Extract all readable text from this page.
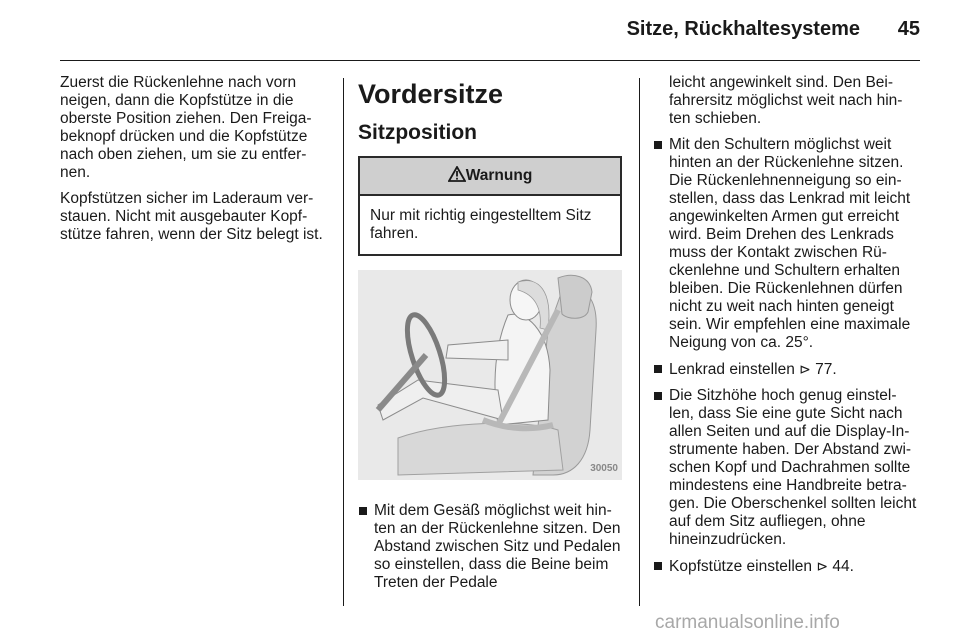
Sitze, Rückhaltesysteme	45

Zuerst die Rückenlehne nach vorn neigen, dann die Kopfstütze in die oberste Position ziehen. Den Freiga-beknopf drücken und die Kopfstütze nach oben ziehen, um sie zu entfer-nen.

Kopfstützen sicher im Laderaum ver-stauen. Nicht mit ausgebauter Kopf-stütze fahren, wenn der Sitz belegt ist.

Vordersitze
Sitzposition
Warnung
Nur mit richtig eingestelltem Sitz fahren.
30050
Mit dem Gesäß möglichst weit hin-ten an der Rückenlehne sitzen. Den Abstand zwischen Sitz und Pedalen so einstellen, dass die Beine beim Treten der Pedale
leicht angewinkelt sind. Den Bei-fahrersitz möglichst weit nach hin-ten schieben.
Mit den Schultern möglichst weit hinten an der Rückenlehne sitzen. Die Rückenlehnenneigung so ein-stellen, dass das Lenkrad mit leicht angewinkelten Armen gut erreicht wird. Beim Drehen des Lenkrads muss der Kontakt zwischen Rü-ckenlehne und Schultern erhalten bleiben. Die Rückenlehnen dürfen nicht zu weit nach hinten geneigt sein. Wir empfehlen eine maximale Neigung von ca. 25°.
Lenkrad einstellen ⊳ 77.
Die Sitzhöhe hoch genug einstel-len, dass Sie eine gute Sicht nach allen Seiten und auf die Display-In-strumente haben. Der Abstand zwi-schen Kopf und Dachrahmen sollte mindestens eine Handbreite betra-gen. Die Oberschenkel sollten leicht auf dem Sitz aufliegen, ohne hineinzudrücken.
Kopfstütze einstellen ⊳ 44.
carmanualsonline.info
